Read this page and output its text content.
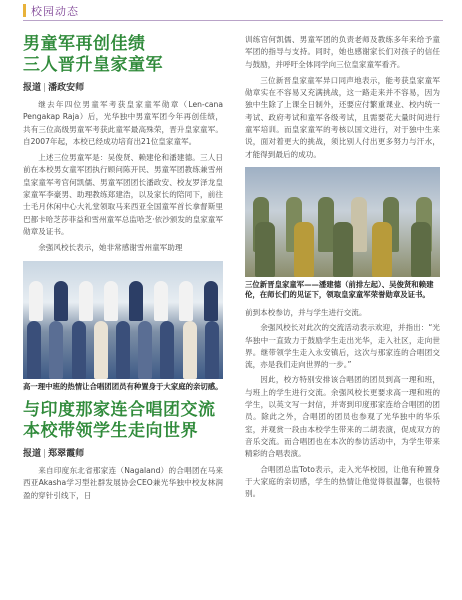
校园动态
男童军再创佳绩
三人晋升皇家童军
报道 | 潘政安师

继去年四位男童军考获皇家童军勋章（Len-cana Pengakap Raja）后，光华独中男童军团今年再创佳绩，共有三位高级男童军考获此童军最高殊荣，晋升皇家童军。自2007年起，本校已经成功培育出21位皇家童军。

上述三位男童军是：吴俊贤、赖建伦和潘建德。三人日前在本校男女童军团执行顾问陈开民、男童军团教练兼雪州皇家童军考官何凯儒、男童军团团长潘政安、校友罗泽龙皇家童军李豪男、助理教练郑建浩，以及家长的陪同下，前往士毛月休闲中心大礼堂领取马来西亚全国童军首长拿督斯里巴都卡哈芝莎菲益和雪州童军总监哈芝·依沙颁发的皇家童军勋章及证书。

余强风校长表示，她非常感谢雪州童军助理

高一理中班的热情让合唱团团员有种置身于大家庭的亲切感。
与印度那家连合唱团交流
本校带领学生走向世界
报道 | 郑翠霞师

来自印度东北省那家连（Nagaland）的合唱团在马来西亚Akasha学习型社群发展协会CEO兼光华独中校友林润盈的穿针引线下，日

训练官何凯儒、男童军团的负责老师及教练多年来给予童军团的指导与支持。同时，她也感谢家长们对孩子的信任与鼓励，并呼吁全体同学向三位皇家童军看齐。

三位新晋皇家童军异口同声地表示，能考获皇家童军勋章实在不容易又充满挑战，这一路走来并不容易，因为独中生除了上课全日制外，还要应付繁重课业、校内统一考试、政府考试和童军各级考试，且需要花大量时间进行童军培训。而皇家童军的考核以国文进行，对于独中生来说，面对着更大的挑战，须比别人付出更多努力与汗水，才能得到最后的成功。

三位新晋皇家童军——潘建德（前排左起）、吴俊贤和赖建伦，在师长们的见证下，领取皇家童军荣誉勋章及证书。

前到本校参访，并与学生进行交流。

余强风校长对此次的交流活动表示欢迎，并指出：“光华独中一直致力于鼓励学生走出光华，走入社区，走向世界。继带领学生走入永安镇后，这次与那家连的合唱团交流，亦是我们走向世界的一步。”

因此，校方特别安排该合唱团的团员到高一理和班，与班上的学生进行交流。余强风校长更要求高一理和班的学生，以英文写一封信，并寄到印度那家连给合唱团的团员。除此之外，合唱团的团员也参观了光华独中的华乐室，并观赏一段由本校学生带来的二胡表演，促成双方的音乐交流。而合唱团也在本次的参访活动中，为学生带来精彩的合唱表演。

合唱团总监Toto表示，走入光华校园，让他有种置身于大家庭的亲切感，学生的热情让他觉得很温馨，也很特别。
